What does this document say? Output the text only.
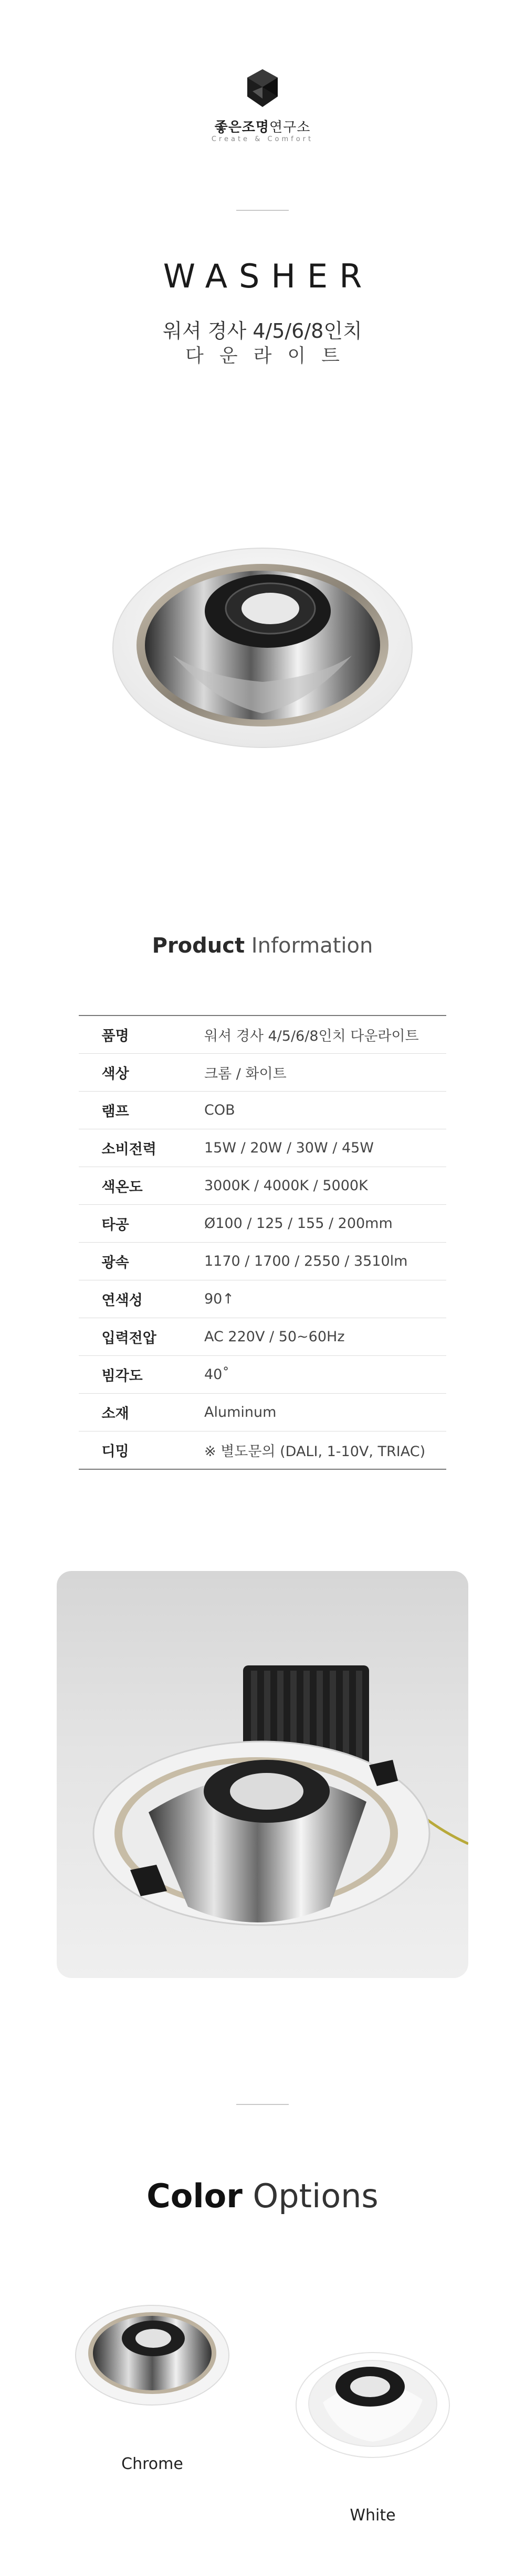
좋은조명연구소
Create & Comfort
WASHER
워셔 경사 4/5/6/8인치
다운라이트
Product Information
품명	워셔 경사 4/5/6/8인치 다운라이트
색상	크롬 / 화이트
램프	COB
소비전력	15W / 20W / 30W / 45W
색온도	3000K / 4000K / 5000K
타공	Ø100 / 125 / 155 / 200mm
광속	1170 / 1700 / 2550 / 3510lm
연색성	90↑
입력전압	AC 220V / 50~60Hz
빔각도	40˚
소재	Aluminum
디밍	※ 별도문의 (DALI, 1-10V, TRIAC)
Color Options
Chrome
White
